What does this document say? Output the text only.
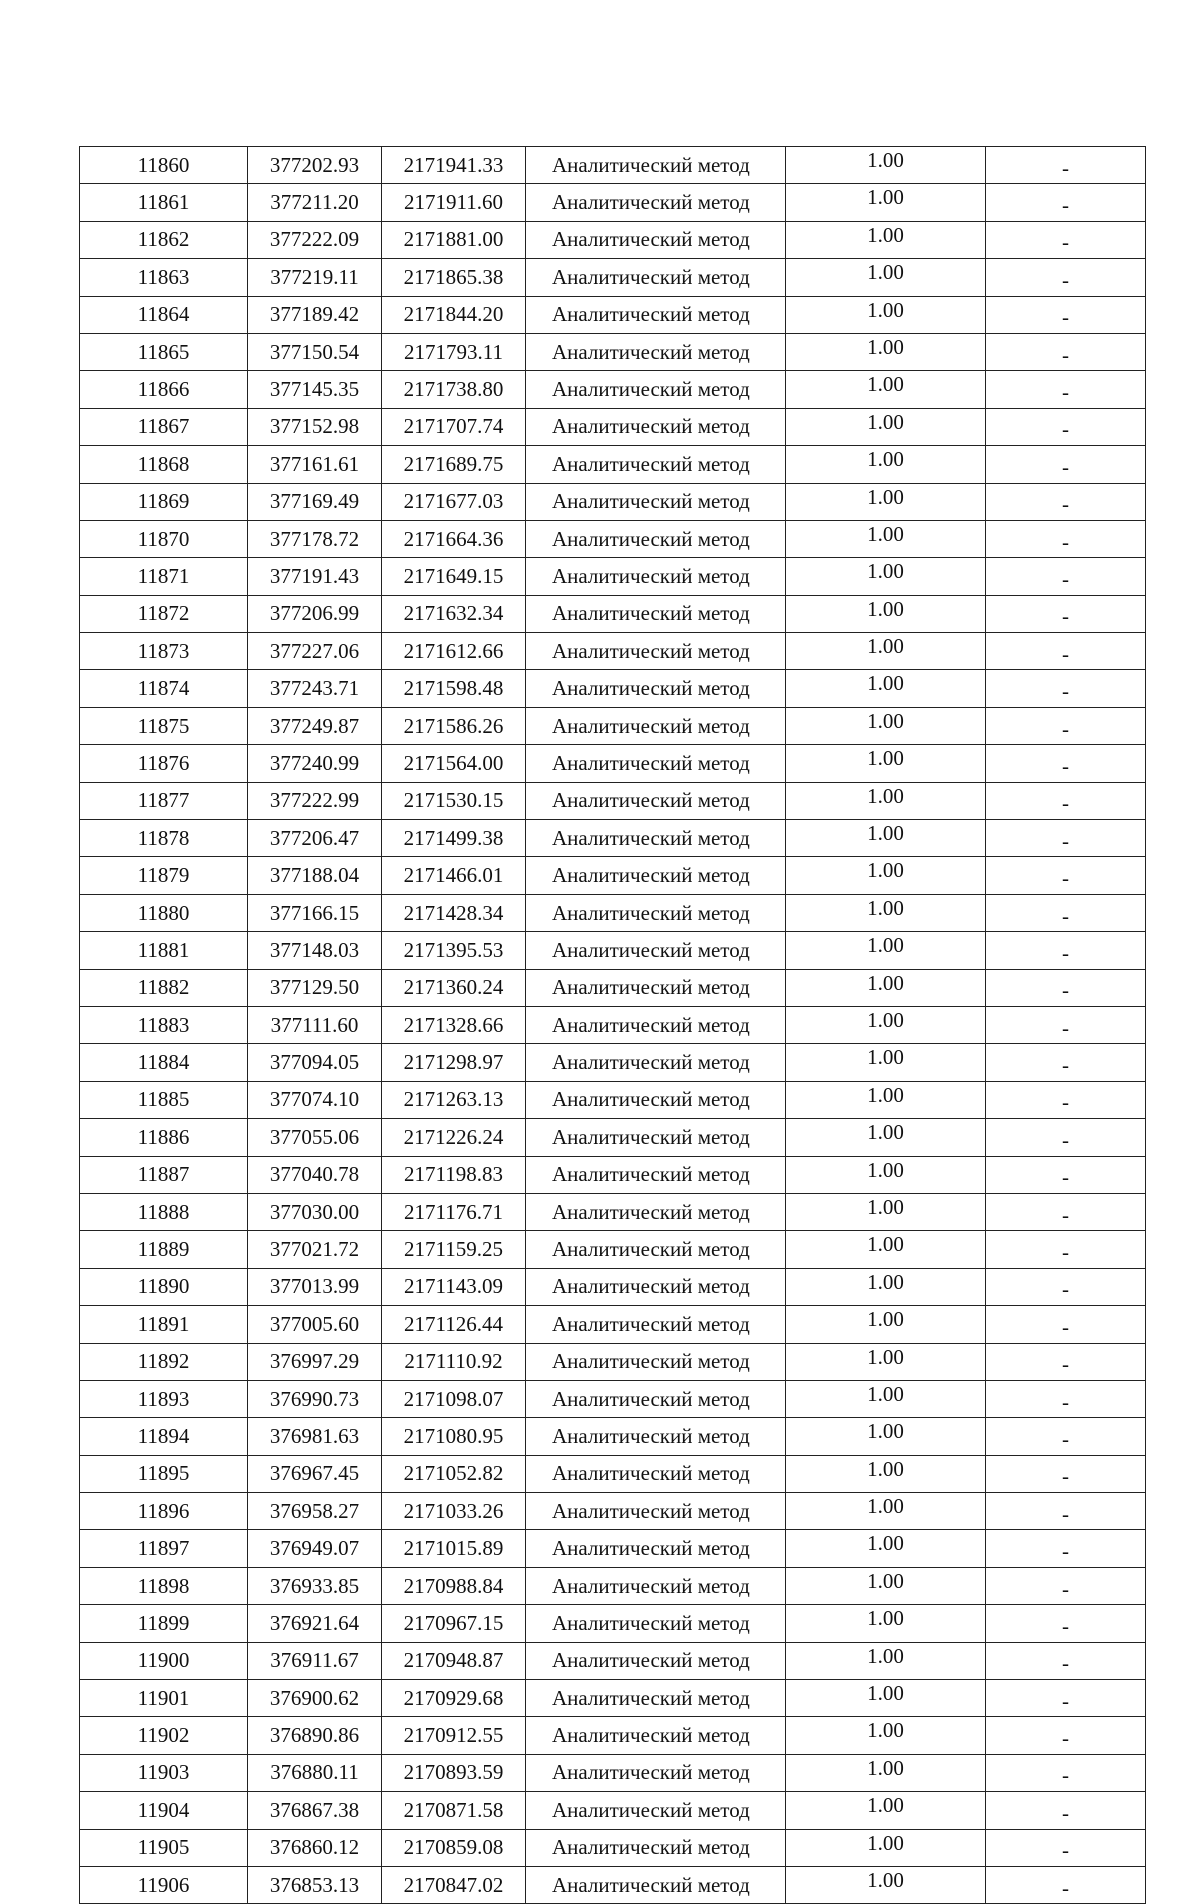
11860	377202.93	2171941.33	Аналитический метод	1.00	-
11861	377211.20	2171911.60	Аналитический метод	1.00	-
11862	377222.09	2171881.00	Аналитический метод	1.00	-
11863	377219.11	2171865.38	Аналитический метод	1.00	-
11864	377189.42	2171844.20	Аналитический метод	1.00	-
11865	377150.54	2171793.11	Аналитический метод	1.00	-
11866	377145.35	2171738.80	Аналитический метод	1.00	-
11867	377152.98	2171707.74	Аналитический метод	1.00	-
11868	377161.61	2171689.75	Аналитический метод	1.00	-
11869	377169.49	2171677.03	Аналитический метод	1.00	-
11870	377178.72	2171664.36	Аналитический метод	1.00	-
11871	377191.43	2171649.15	Аналитический метод	1.00	-
11872	377206.99	2171632.34	Аналитический метод	1.00	-
11873	377227.06	2171612.66	Аналитический метод	1.00	-
11874	377243.71	2171598.48	Аналитический метод	1.00	-
11875	377249.87	2171586.26	Аналитический метод	1.00	-
11876	377240.99	2171564.00	Аналитический метод	1.00	-
11877	377222.99	2171530.15	Аналитический метод	1.00	-
11878	377206.47	2171499.38	Аналитический метод	1.00	-
11879	377188.04	2171466.01	Аналитический метод	1.00	-
11880	377166.15	2171428.34	Аналитический метод	1.00	-
11881	377148.03	2171395.53	Аналитический метод	1.00	-
11882	377129.50	2171360.24	Аналитический метод	1.00	-
11883	377111.60	2171328.66	Аналитический метод	1.00	-
11884	377094.05	2171298.97	Аналитический метод	1.00	-
11885	377074.10	2171263.13	Аналитический метод	1.00	-
11886	377055.06	2171226.24	Аналитический метод	1.00	-
11887	377040.78	2171198.83	Аналитический метод	1.00	-
11888	377030.00	2171176.71	Аналитический метод	1.00	-
11889	377021.72	2171159.25	Аналитический метод	1.00	-
11890	377013.99	2171143.09	Аналитический метод	1.00	-
11891	377005.60	2171126.44	Аналитический метод	1.00	-
11892	376997.29	2171110.92	Аналитический метод	1.00	-
11893	376990.73	2171098.07	Аналитический метод	1.00	-
11894	376981.63	2171080.95	Аналитический метод	1.00	-
11895	376967.45	2171052.82	Аналитический метод	1.00	-
11896	376958.27	2171033.26	Аналитический метод	1.00	-
11897	376949.07	2171015.89	Аналитический метод	1.00	-
11898	376933.85	2170988.84	Аналитический метод	1.00	-
11899	376921.64	2170967.15	Аналитический метод	1.00	-
11900	376911.67	2170948.87	Аналитический метод	1.00	-
11901	376900.62	2170929.68	Аналитический метод	1.00	-
11902	376890.86	2170912.55	Аналитический метод	1.00	-
11903	376880.11	2170893.59	Аналитический метод	1.00	-
11904	376867.38	2170871.58	Аналитический метод	1.00	-
11905	376860.12	2170859.08	Аналитический метод	1.00	-
11906	376853.13	2170847.02	Аналитический метод	1.00	-
